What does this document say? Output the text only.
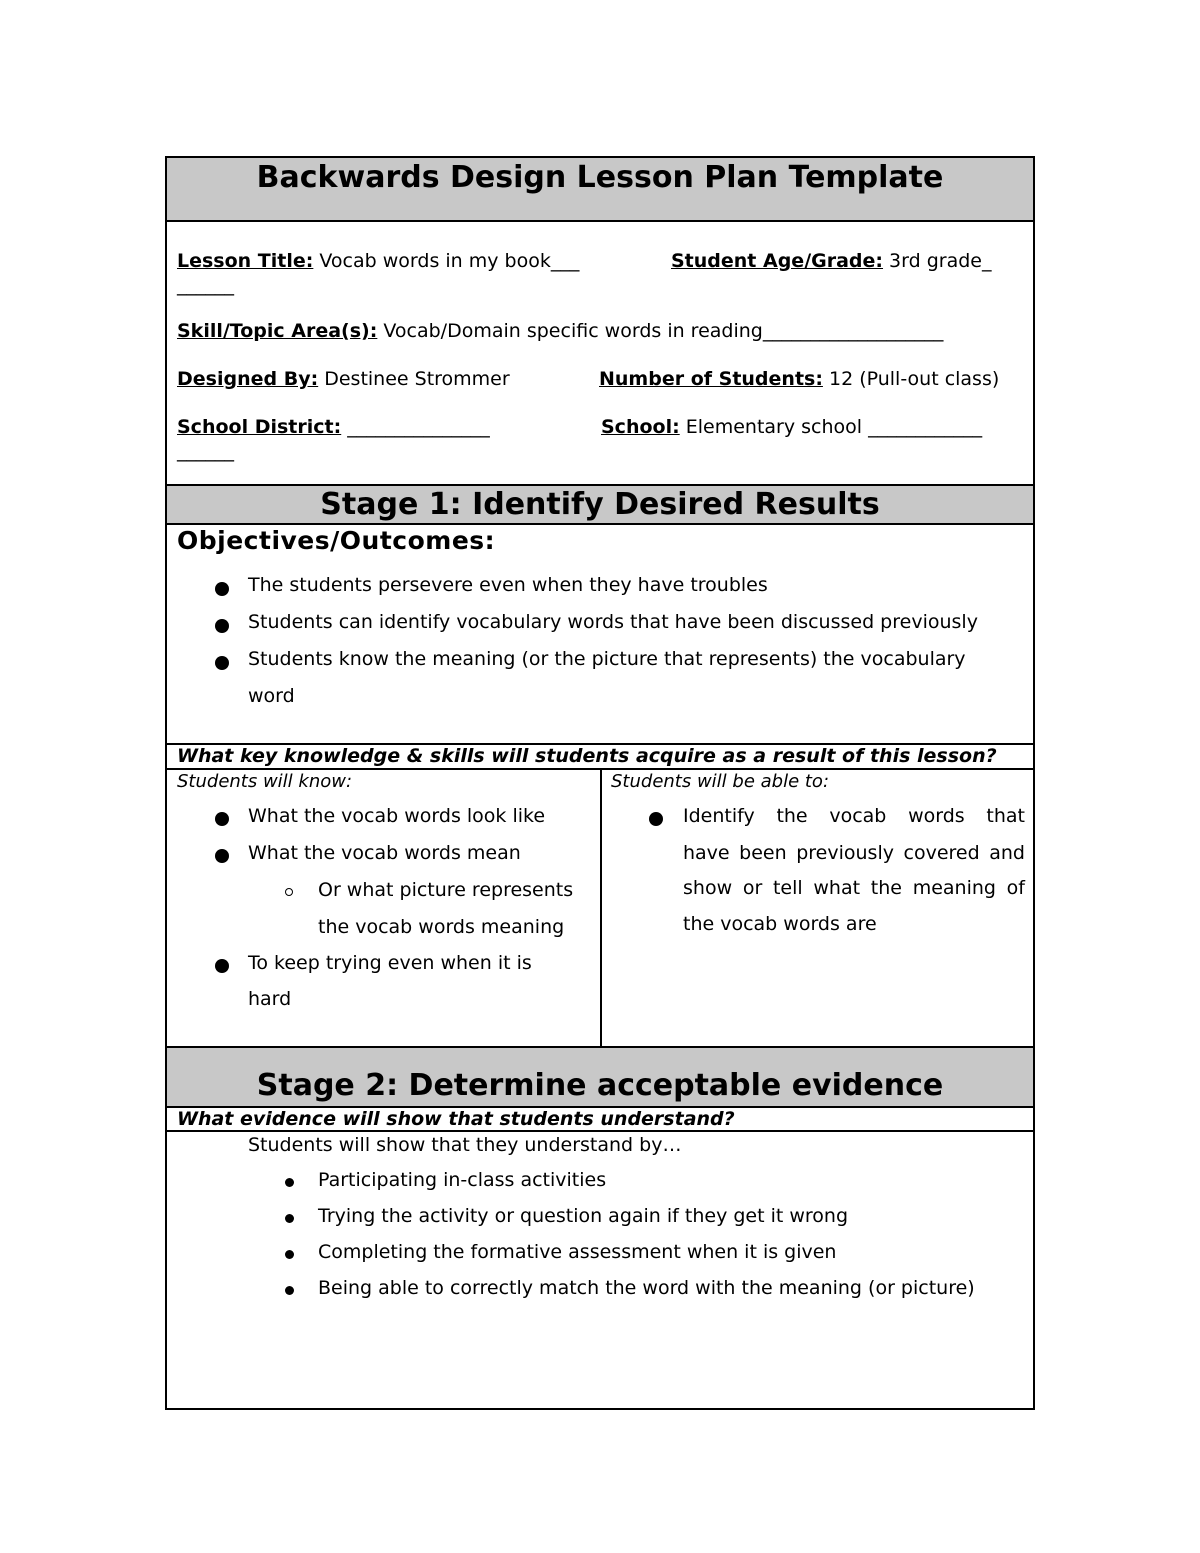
Backwards Design Lesson Plan Template
Lesson Title: Vocab words in my book___	Student Age/Grade: 3rd grade_
______
Skill/Topic Area(s): Vocab/Domain specific words in reading___________________
Designed By: Destinee Strommer	Number of Students: 12 (Pull-out class)
School District: _______________	School: Elementary school ____________
______
Stage 1: Identify Desired Results
Objectives/Outcomes:
The students persevere even when they have troubles
Students can identify vocabulary words that have been discussed previously
Students know the meaning (or the picture that represents) the vocabulary
word
What key knowledge & skills will students acquire as a result of this lesson?
Students will know:
What the vocab words look like
What the vocab words mean
Or what picture represents
the vocab words meaning
To keep trying even when it is
hard
Students will be able to:
Identify the vocab words that
have been previously covered and
show or tell what the meaning of
the vocab words are
Stage 2: Determine acceptable evidence
What evidence will show that students understand?
Students will show that they understand by…
Participating in-class activities
Trying the activity or question again if they get it wrong
Completing the formative assessment when it is given
Being able to correctly match the word with the meaning (or picture)
